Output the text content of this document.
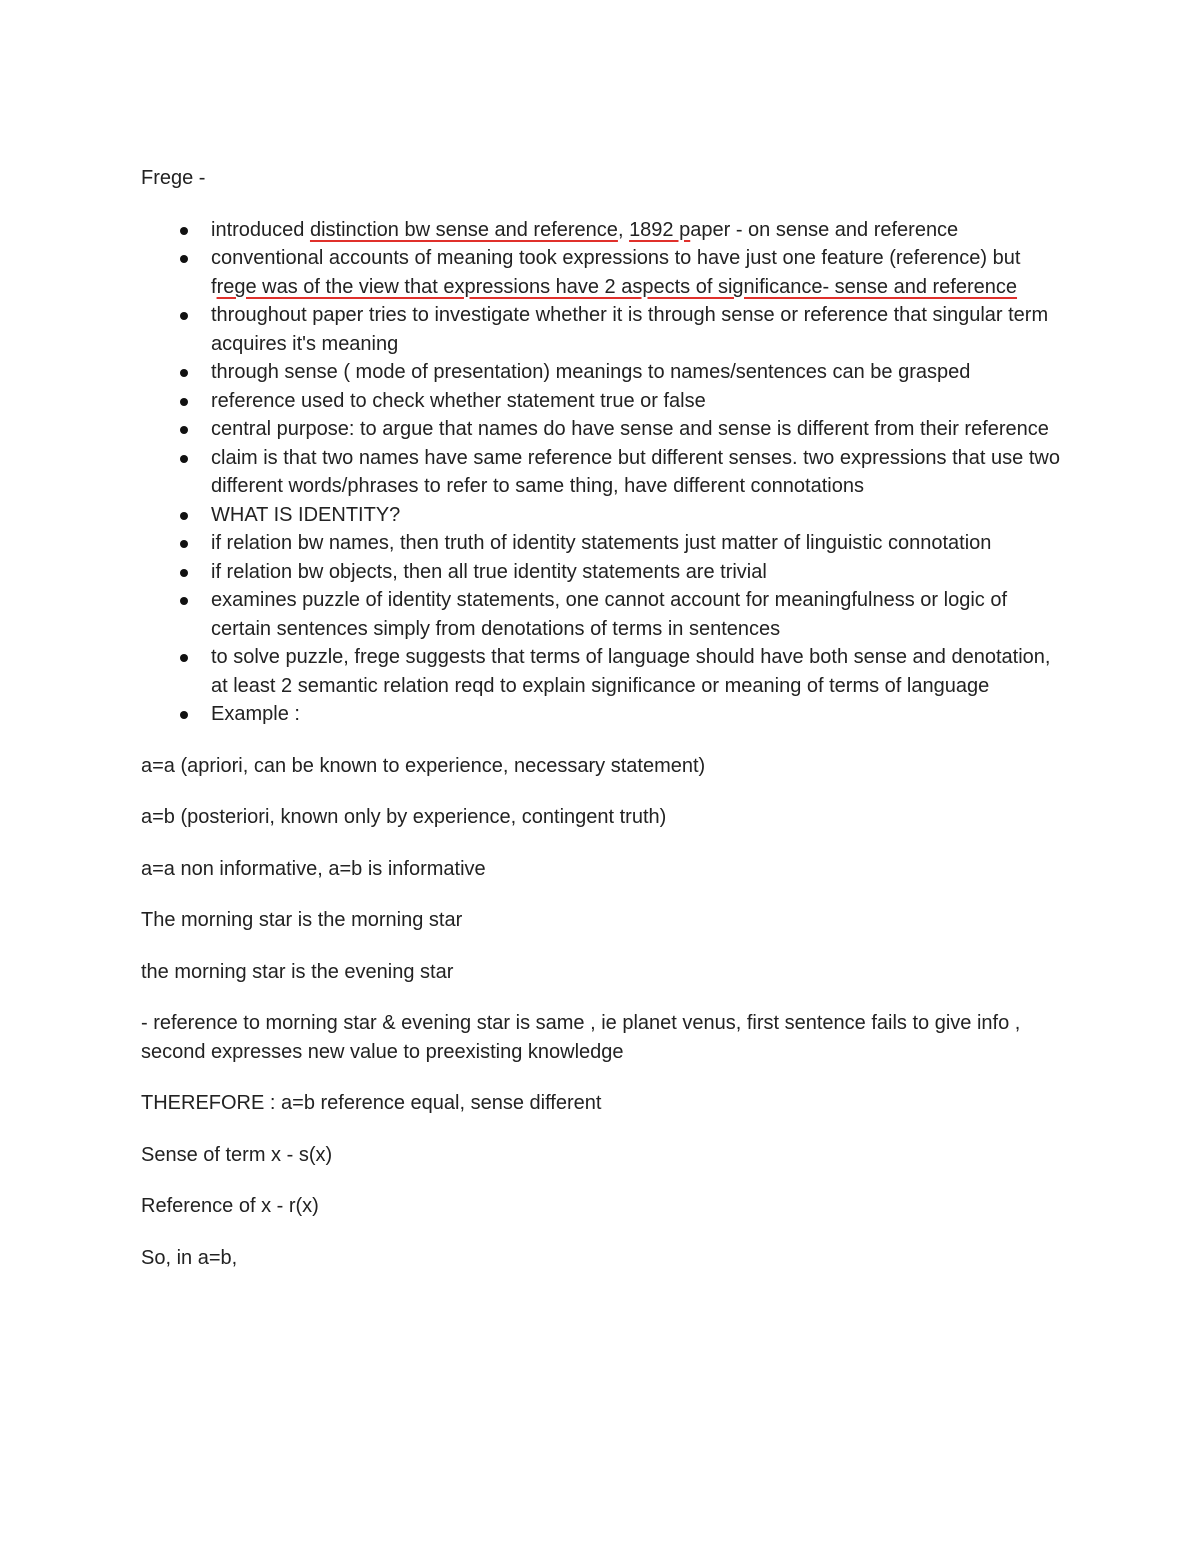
Frege -
introduced distinction bw sense and reference, 1892 paper - on sense and reference
conventional accounts of meaning took expressions to have just one feature (reference) but frege was of the view that expressions have 2 aspects of significance- sense and reference
throughout paper tries to investigate whether it is through sense or reference that singular term acquires it's meaning
through sense ( mode of presentation) meanings to names/sentences can be grasped
reference used to check whether statement true or false
central purpose: to argue that names do have sense and sense is different from their reference
claim is that two names have same reference but different senses. two expressions that use two different words/phrases to refer to same thing, have different connotations
WHAT IS IDENTITY?
if relation bw names, then truth of identity statements just matter of linguistic connotation
if relation bw objects, then all true identity statements are trivial
examines puzzle of identity statements, one cannot account for meaningfulness or logic of certain sentences simply from denotations of terms in sentences
to solve puzzle, frege suggests that terms of language should have both sense and denotation, at least 2 semantic relation reqd to explain significance or meaning of terms of language
Example :

a=a (apriori, can be known to experience, necessary statement)

a=b (posteriori, known only by experience, contingent truth)

a=a non informative, a=b is informative

The morning star is the morning star

the morning star is the evening star

- reference to morning star & evening star is same , ie planet venus, first sentence fails to give info , second expresses new value to preexisting knowledge

THEREFORE : a=b reference equal, sense different

Sense of term x - s(x)

Reference of x - r(x)

So, in a=b,
